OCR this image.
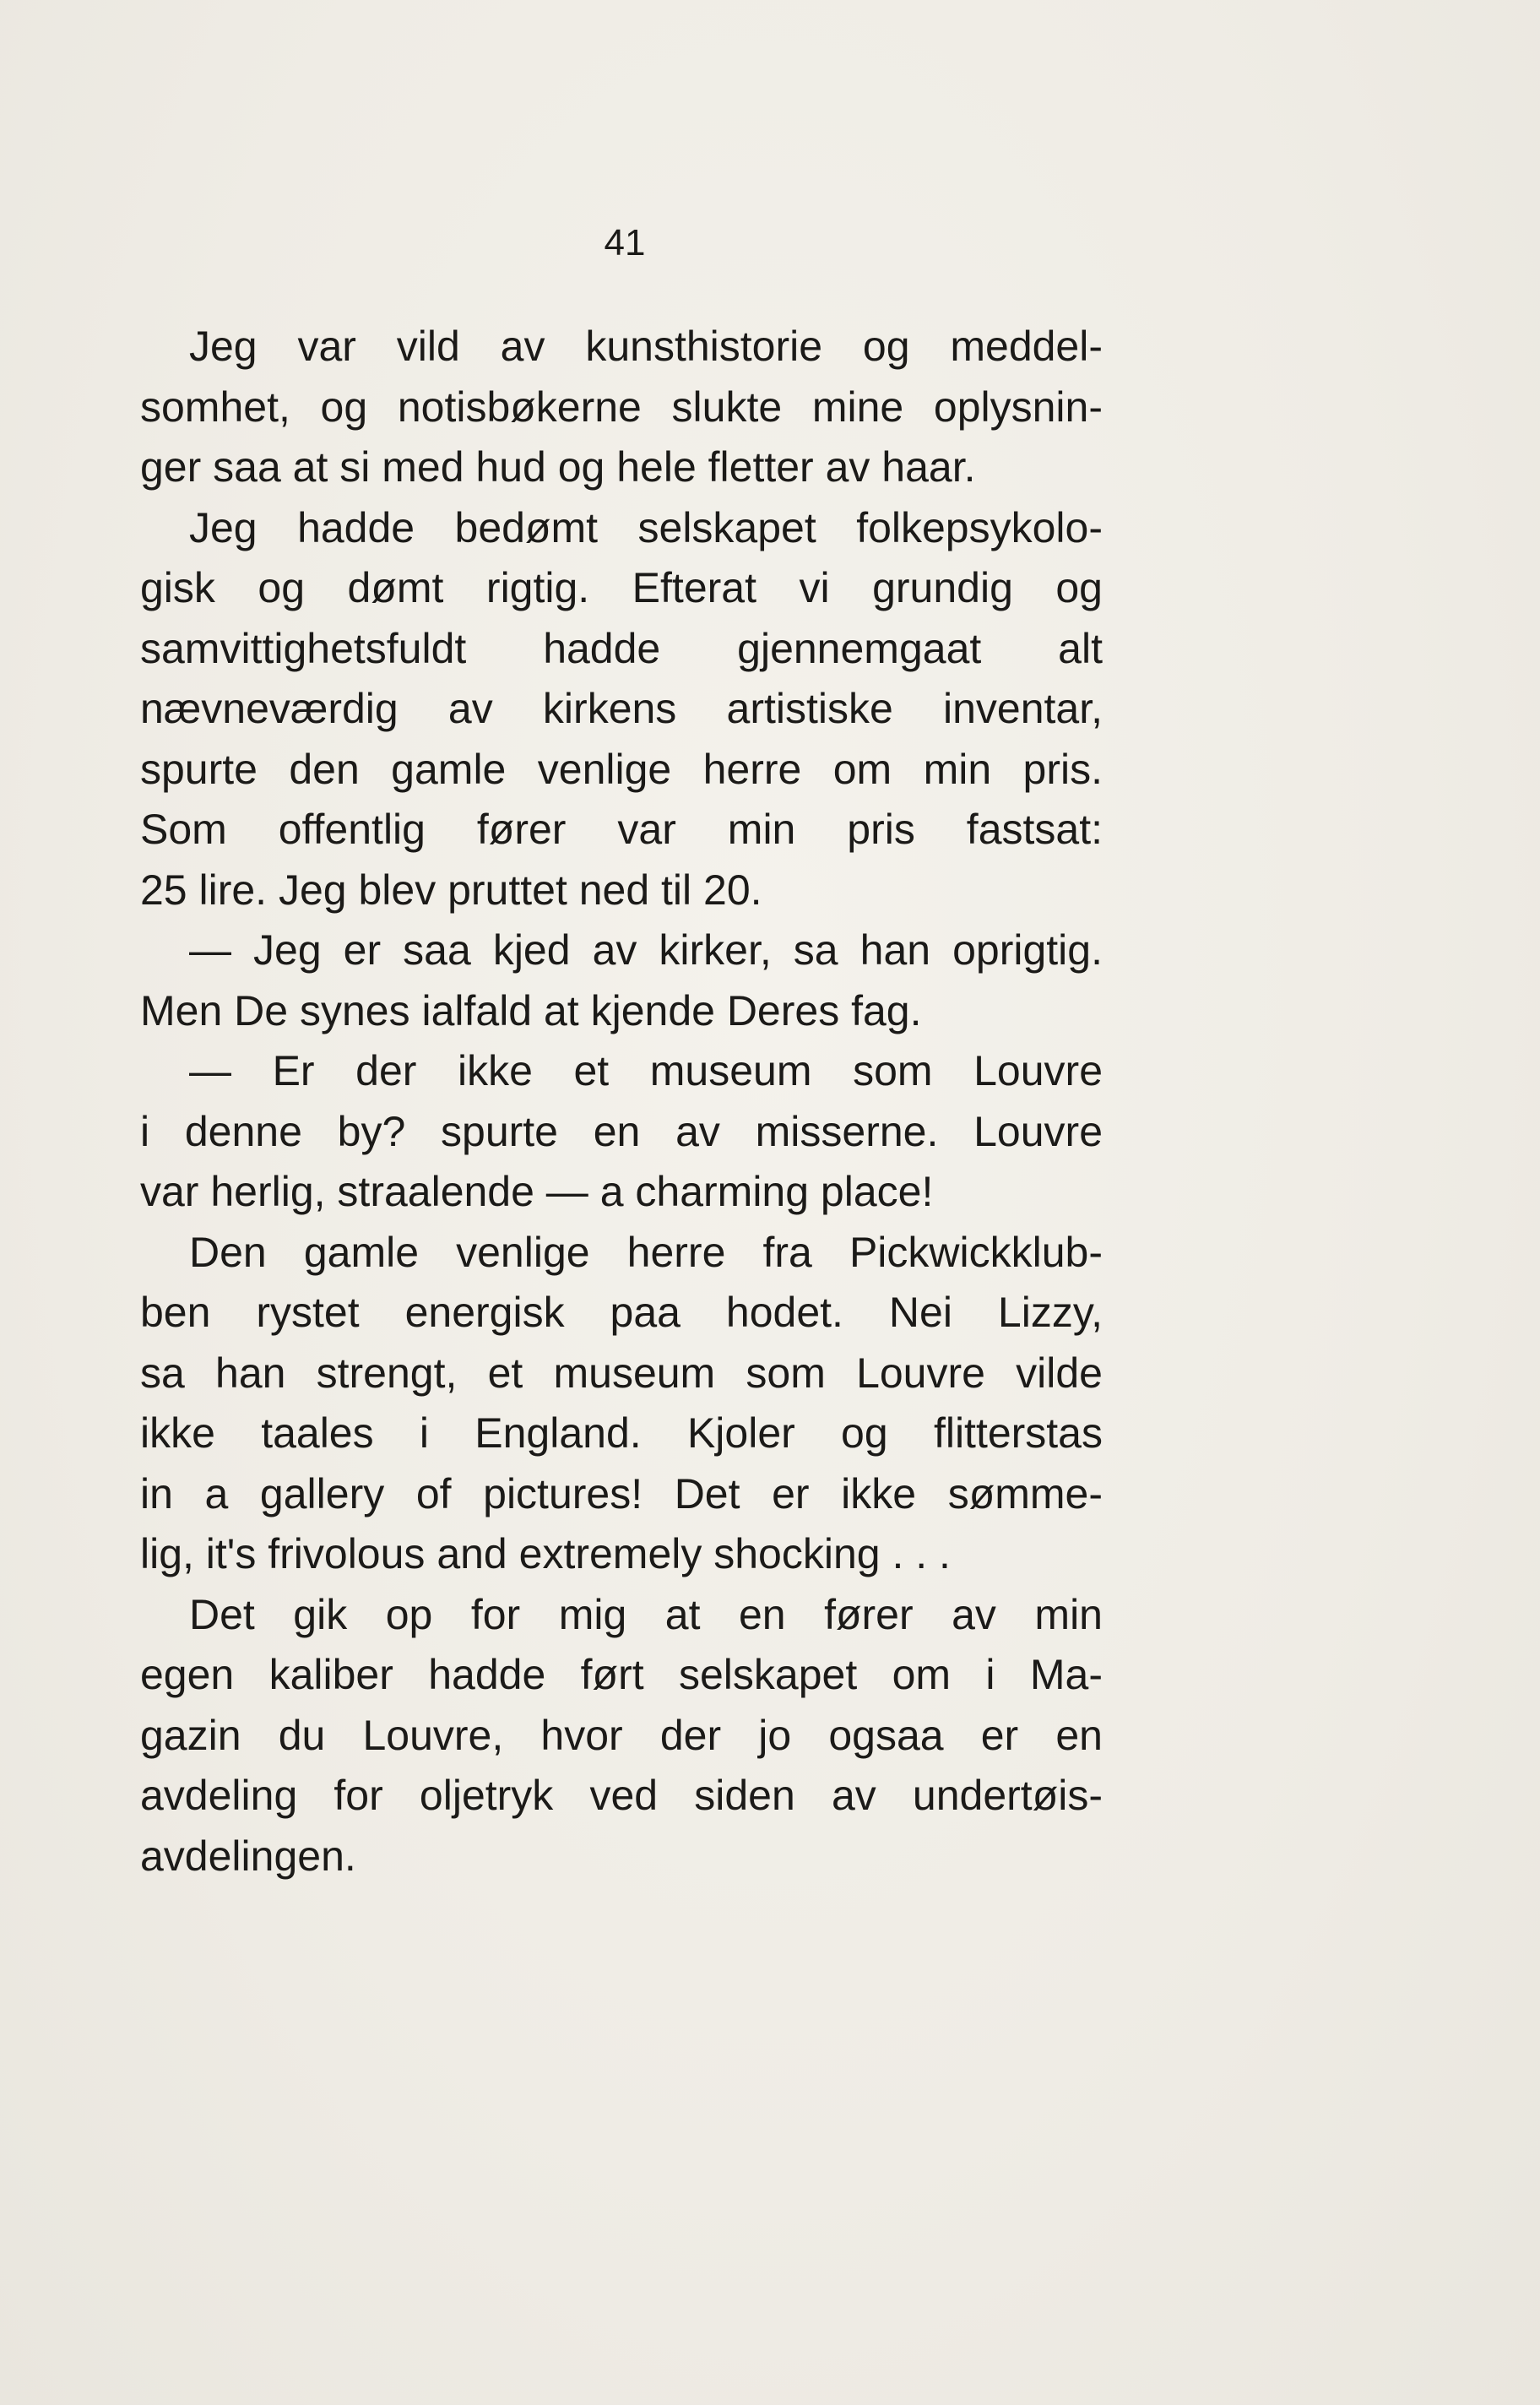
41
Jeg var vild av kunsthistorie og meddel-
somhet, og notisbøkerne slukte mine oplysnin-
ger saa at si med hud og hele fletter av haar.
Jeg hadde bedømt selskapet folkepsykolo-
gisk og dømt rigtig. Efterat vi grundig og
samvittighetsfuldt hadde gjennemgaat alt
nævneværdig av kirkens artistiske inventar,
spurte den gamle venlige herre om min pris.
Som offentlig fører var min pris fastsat:
25 lire. Jeg blev pruttet ned til 20.
— Jeg er saa kjed av kirker, sa han oprigtig.
Men De synes ialfald at kjende Deres fag.
— Er der ikke et museum som Louvre
i denne by? spurte en av misserne. Louvre
var herlig, straalende — a charming place!
Den gamle venlige herre fra Pickwickklub-
ben rystet energisk paa hodet. Nei Lizzy,
sa han strengt, et museum som Louvre vilde
ikke taales i England. Kjoler og flitterstas
in a gallery of pictures! Det er ikke sømme-
lig, it's frivolous and extremely shocking . . .
Det gik op for mig at en fører av min
egen kaliber hadde ført selskapet om i Ma-
gazin du Louvre, hvor der jo ogsaa er en
avdeling for oljetryk ved siden av undertøis-
avdelingen.
